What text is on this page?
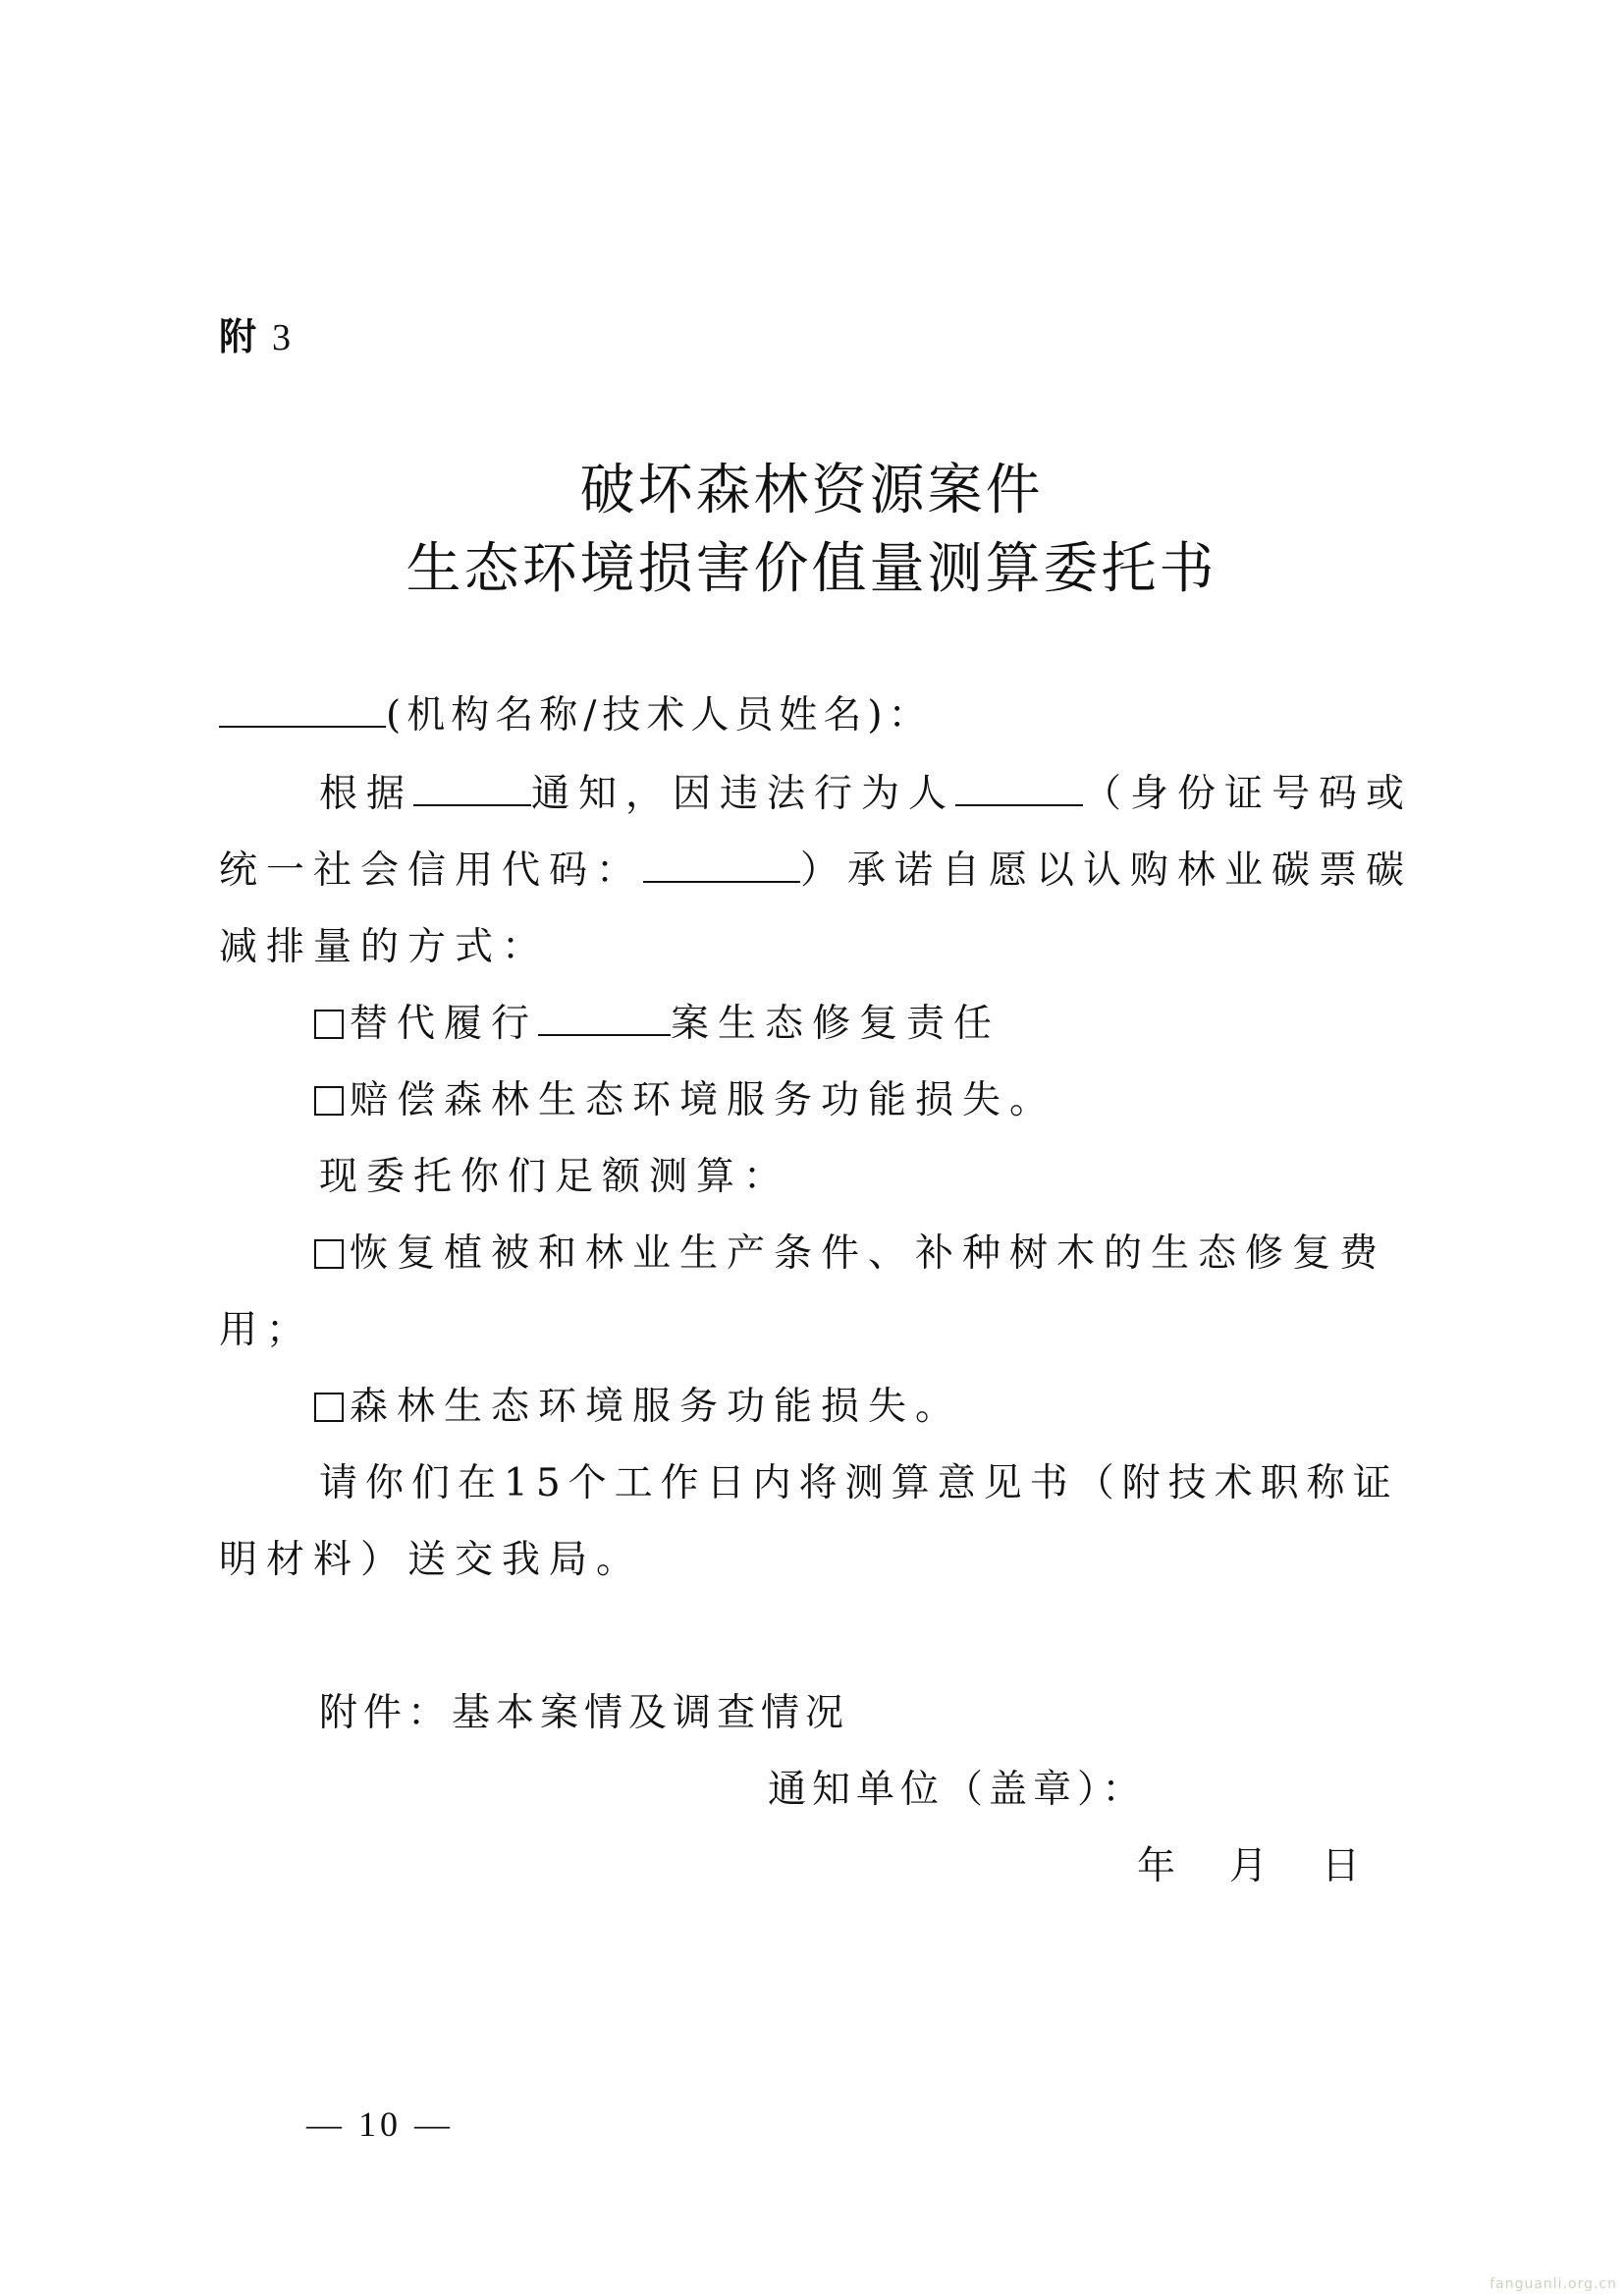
附 3
破坏森林资源案件
生态环境损害价值量测算委托书
(机构名称/技术人员姓名)：
根据	通知，因违法行为人	（身份证号码或
统一社会信用代码：	）承诺自愿以认购林业碳票碳
减排量的方式：
替代履行	案生态修复责任
赔偿森林生态环境服务功能损失。
现委托你们足额测算：
恢复植被和林业生产条件、补种树木的生态修复费
用；
森林生态环境服务功能损失。
请你们在15个工作日内将测算意见书（附技术职称证
明材料）送交我局。
附件：基本案情及调查情况
通知单位（盖章）：
年　月　日
— 10 —
fanguanli.org.cn
